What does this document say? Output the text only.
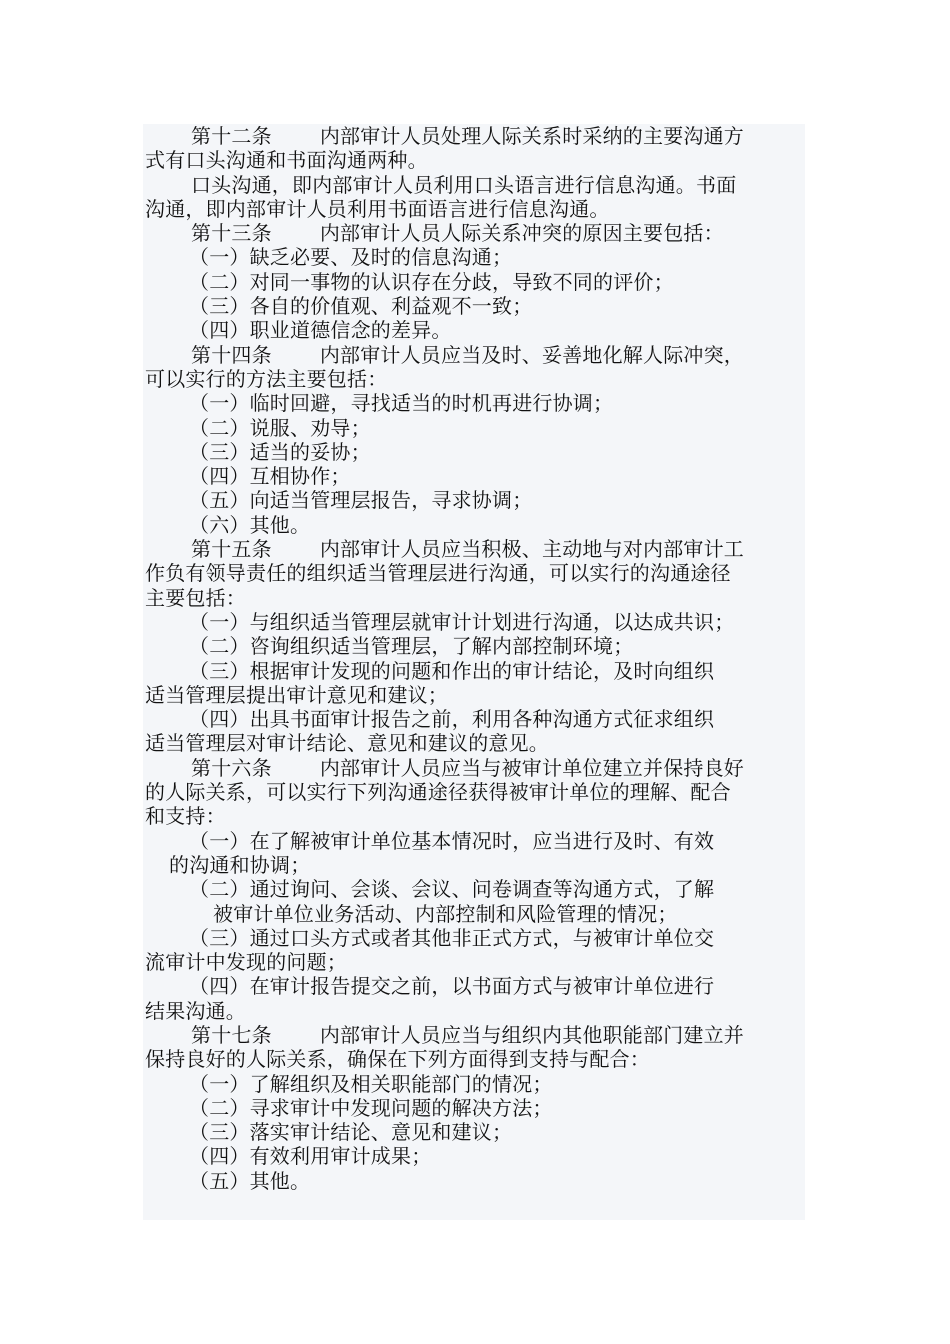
第十二条 内部审计人员处理人际关系时采纳的主要沟通方
式有口头沟通和书面沟通两种。
口头沟通，即内部审计人员利用口头语言进行信息沟通。书面
沟通，即内部审计人员利用书面语言进行信息沟通。
第十三条 内部审计人员人际关系冲突的原因主要包括：
（一）缺乏必要、及时的信息沟通；
（二）对同一事物的认识存在分歧，导致不同的评价；
（三）各自的价值观、利益观不一致；
（四）职业道德信念的差异。
第十四条 内部审计人员应当及时、妥善地化解人际冲突，
可以实行的方法主要包括：
（一）临时回避，寻找适当的时机再进行协调；
（二）说服、劝导；
（三）适当的妥协；
（四）互相协作；
（五）向适当管理层报告，寻求协调；
（六）其他。
第十五条 内部审计人员应当积极、主动地与对内部审计工
作负有领导责任的组织适当管理层进行沟通，可以实行的沟通途径
主要包括：
（一）与组织适当管理层就审计计划进行沟通，以达成共识；
（二）咨询组织适当管理层，了解内部控制环境；
（三）根据审计发现的问题和作出的审计结论，及时向组织
适当管理层提出审计意见和建议；
（四）出具书面审计报告之前，利用各种沟通方式征求组织
适当管理层对审计结论、意见和建议的意见。
第十六条 内部审计人员应当与被审计单位建立并保持良好
的人际关系，可以实行下列沟通途径获得被审计单位的理解、配合
和支持：
（一）在了解被审计单位基本情况时，应当进行及时、有效
的沟通和协调；
（二）通过询问、会谈、会议、问卷调查等沟通方式，了解
被审计单位业务活动、内部控制和风险管理的情况；
（三）通过口头方式或者其他非正式方式，与被审计单位交
流审计中发现的问题；
（四）在审计报告提交之前，以书面方式与被审计单位进行
结果沟通。
第十七条 内部审计人员应当与组织内其他职能部门建立并
保持良好的人际关系，确保在下列方面得到支持与配合：
（一）了解组织及相关职能部门的情况；
（二）寻求审计中发现问题的解决方法；
（三）落实审计结论、意见和建议；
（四）有效利用审计成果；
（五）其他。
